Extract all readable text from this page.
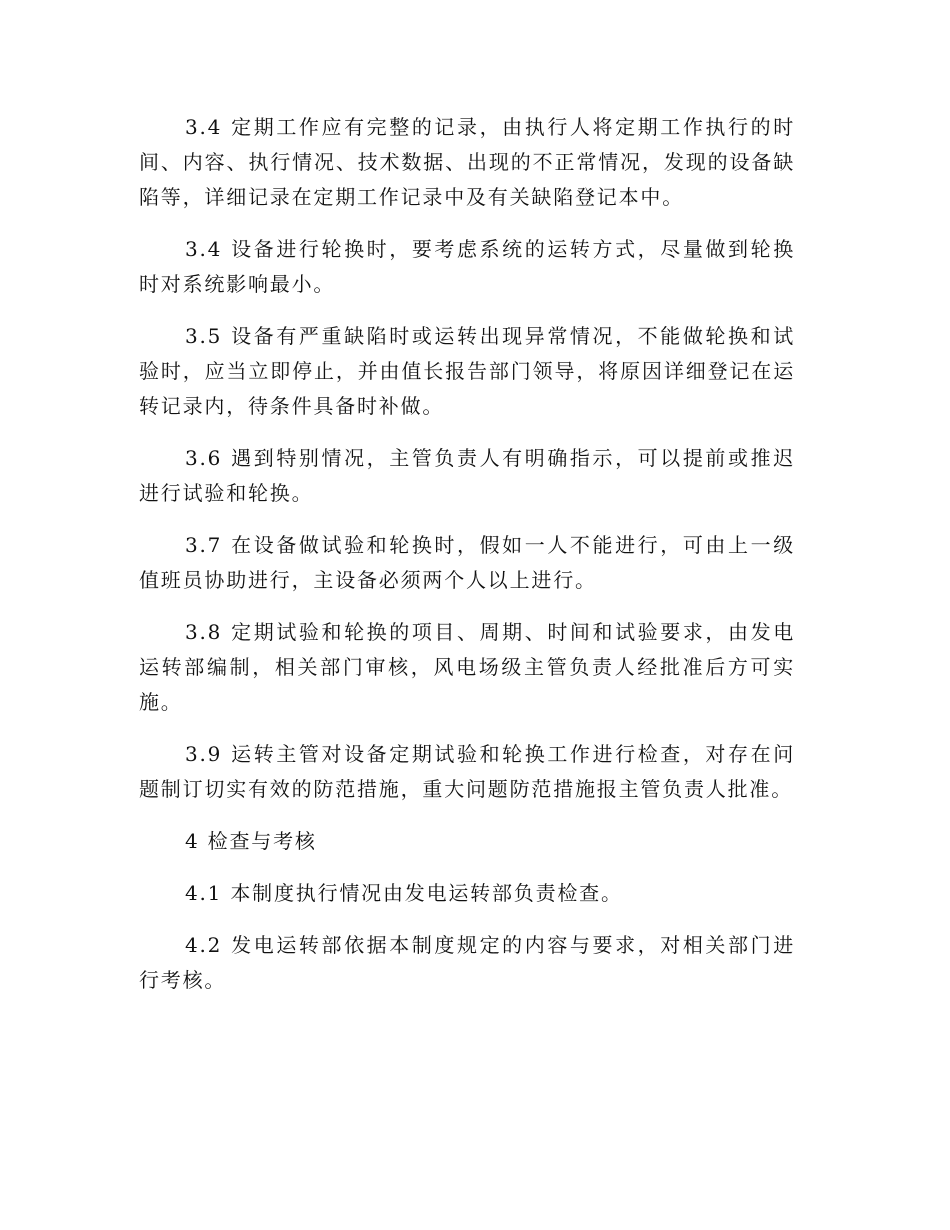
3.4 定期工作应有完整的记录，由执行人将定期工作执行的时间、内容、执行情况、技术数据、出现的不正常情况，发现的设备缺陷等，详细记录在定期工作记录中及有关缺陷登记本中。

3.4 设备进行轮换时，要考虑系统的运转方式，尽量做到轮换时对系统影响最小。

3.5 设备有严重缺陷时或运转出现异常情况，不能做轮换和试验时，应当立即停止，并由值长报告部门领导，将原因详细登记在运转记录内，待条件具备时补做。

3.6 遇到特别情况，主管负责人有明确指示，可以提前或推迟进行试验和轮换。

3.7 在设备做试验和轮换时，假如一人不能进行，可由上一级值班员协助进行，主设备必须两个人以上进行。

3.8 定期试验和轮换的项目、周期、时间和试验要求，由发电运转部编制，相关部门审核，风电场级主管负责人经批准后方可实施。

3.9 运转主管对设备定期试验和轮换工作进行检查，对存在问题制订切实有效的防范措施，重大问题防范措施报主管负责人批准。

4 检查与考核

4.1 本制度执行情况由发电运转部负责检查。

4.2 发电运转部依据本制度规定的内容与要求，对相关部门进行考核。
